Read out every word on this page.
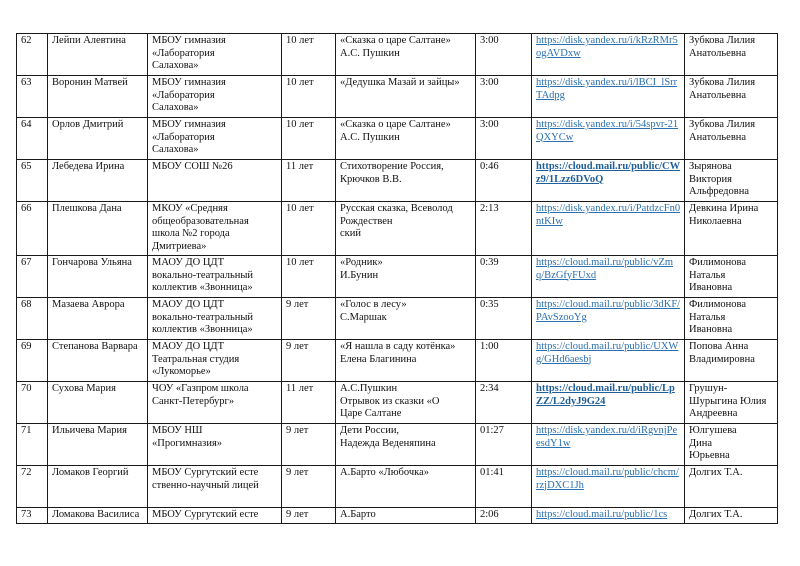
62	Лейпи Алевтина	МБОУ гимназия
«Лаборатория
Салахова»	10 лет	«Сказка о царе Салтане»
А.С. Пушкин	3:00	https://disk.yandex.ru/i/kRzRMr5ogAVDxw	Зубкова Лилия
Анатольевна
63	Воронин Матвей	МБОУ гимназия
«Лаборатория
Салахова»	10 лет	«Дедушка Мазай и зайцы»	3:00	https://disk.yandex.ru/i/lBCI_lSrrTAdpg	Зубкова Лилия
Анатольевна
64	Орлов Дмитрий	МБОУ гимназия
«Лаборатория
Салахова»	10 лет	«Сказка о царе Салтане»
А.С. Пушкин	3:00	https://disk.yandex.ru/i/54spvr-21QXYCw	Зубкова Лилия
Анатольевна
65	Лебедева Ирина	МБОУ СОШ №26	11 лет	Стихотворение Россия,
Крючков В.В.	0:46	https://cloud.mail.ru/public/CWz9/1Lzz6DVoQ	Зырянова
Виктория
Альфредовна
66	Плешкова Дана	МКОУ «Средняя
общеобразовательная
школа №2 города
Дмитриева»	10 лет	Русская сказка, Всеволод
Рождествен
ский	2:13	https://disk.yandex.ru/i/PatdzcFn0ntKIw	Девкина Ирина
Николаевна
67	Гончарова Ульяна	МАОУ ДО ЦДТ
вокально-театральный
коллектив «Звонница»	10 лет	«Родник»
И.Бунин	0:39	https://cloud.mail.ru/public/vZmq/BzGfyFUxd	Филимонова
Наталья
Ивановна
68	Мазаева Аврора	МАОУ ДО ЦДТ
вокально-театральный
коллектив «Звонница»	9 лет	«Голос в лесу»
С.Маршак	0:35	https://cloud.mail.ru/public/3dKF/PAvSzooYg	Филимонова
Наталья
Ивановна
69	Степанова Варвара	МАОУ ДО ЦДТ
Театральная студия
«Лукоморье»	9 лет	«Я нашла в саду котёнка»
Елена Благинина	1:00	https://cloud.mail.ru/public/UXWg/GHd6aesbj	Попова Анна
Владимировна
70	Сухова Мария	ЧОУ «Газпром школа
Санкт-Петербург»	11 лет	А.С.Пушкин
Отрывок из сказки «О
Царе Салтане	2:34	https://cloud.mail.ru/public/LpZZ/L2dyJ9G24	Грушун-
Шурыгина Юлия
Андреевна
71	Ильичева Мария	МБОУ НШ
«Прогимназия»	9 лет	Дети России,
Надежда Веденяпина	01:27	https://disk.yandex.ru/d/iRgvnjPeesdY1w	Юлгушева
Дина
Юрьевна
72	Ломаков Георгий	МБОУ Сургутский есте
ственно-научный лицей	9 лет	А.Барто «Любочка»	01:41	https://cloud.mail.ru/public/chcm/rzjDXC1Jh	Долгих Т.А.
73	Ломакова Василиса	МБОУ Сургутский есте	9 лет	А.Барто	2:06	https://cloud.mail.ru/public/1cs	Долгих Т.А.
